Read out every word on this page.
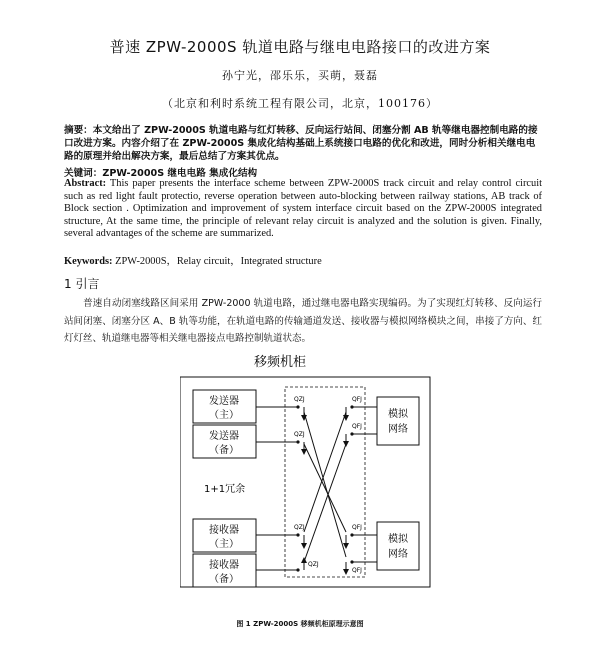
普速 ZPW-2000S 轨道电路与继电电路接口的改进方案
孙宁光，邵乐乐，买萌，聂磊
（北京和利时系统工程有限公司，北京，100176）
摘要：本文给出了 ZPW-2000S 轨道电路与红灯转移、反向运行站间、闭塞分割 AB 轨等继电器控制电路的接口改进方案。内容介绍了在 ZPW-2000S 集成化结构基础上系统接口电路的优化和改进，同时分析相关继电电路的原理并给出解决方案，最后总结了方案其优点。
关键词：ZPW-2000S 继电电路 集成化结构
Abstract: This paper presents the interface scheme between ZPW-2000S track circuit and relay control circuit such as red light fault protectio, reverse operation between auto-blocking between railway stations, AB track of Block section . Optimization and improvement of system interface circuit based on the ZPW-2000S integrated structure, At the same time, the principle of relevant relay circuit is analyzed and the solution is given. Finally, several advantages of the scheme are summarized.
Keywords: ZPW-2000S，Relay circuit，Integrated structure
1 引言
普速自动闭塞线路区间采用 ZPW-2000 轨道电路，通过继电器电路实现编码。为了实现红灯转移、反向运行站间闭塞、闭塞分区 A、B 轨等功能，在轨道电路的传输通道发送、接收器与模拟网络模块之间，串接了方向、红灯灯丝、轨道继电器等相关继电器接点电路控制轨道状态。
移频机柜
发送器
（主）
发送器
（备）
1+1冗余
接收器
（主）
接收器
（备）
模拟
网络
模拟
网络
QZJ	QFJ
QZJ
QFJ
QZJ	QFJ
QZJ
QFJ
图 1 ZPW-2000S 移频机柜原理示意图
